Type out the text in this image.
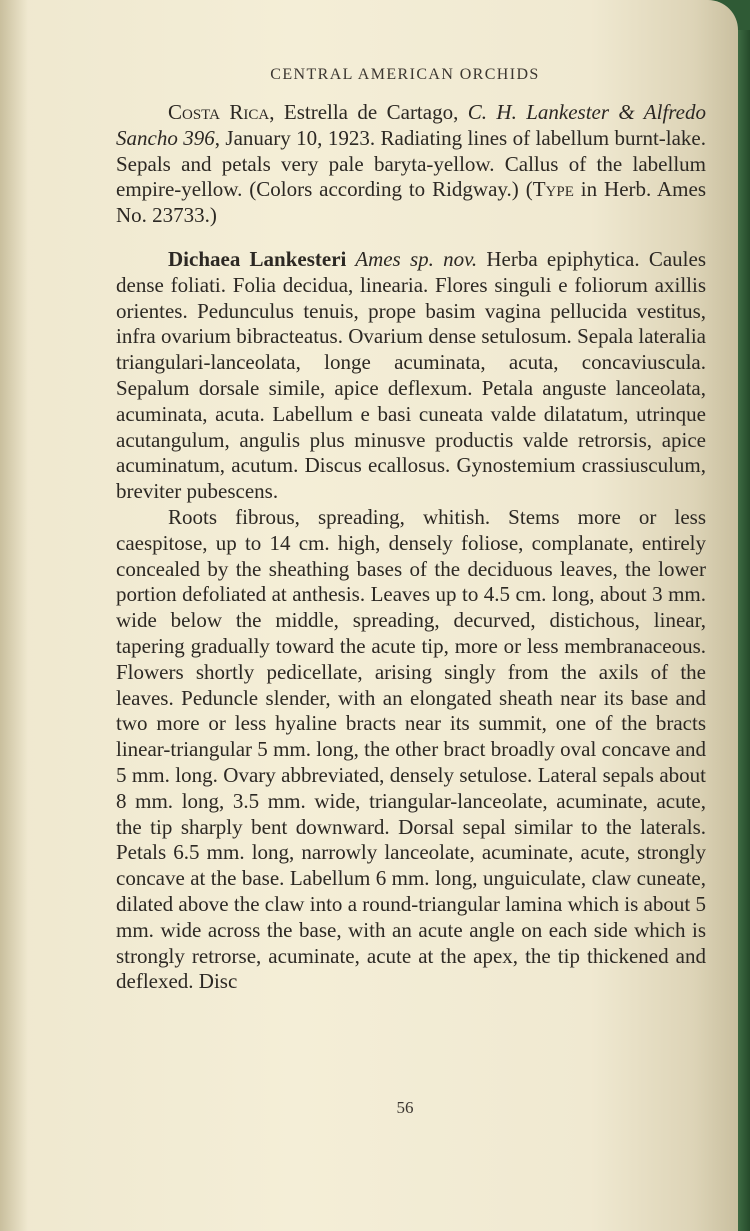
CENTRAL AMERICAN ORCHIDS

Costa Rica, Estrella de Cartago, C. H. Lankester & Alfredo Sancho 396, January 10, 1923. Radiating lines of labellum burnt-lake. Sepals and petals very pale baryta-yellow. Callus of the labellum empire-yellow. (Colors according to Ridgway.) (Type in Herb. Ames No. 23733.)

Dichaea Lankesteri Ames sp. nov. Herba epiphytica. Caules dense foliati. Folia decidua, linearia. Flores singuli e foliorum axillis orientes. Pedunculus tenuis, prope basim vagina pellucida vestitus, infra ovarium bibracteatus. Ovarium dense setulosum. Sepala lateralia triangulari-lanceolata, longe acuminata, acuta, concaviuscula. Sepalum dorsale simile, apice deflexum. Petala anguste lanceolata, acuminata, acuta. Labellum e basi cuneata valde dilatatum, utrinque acutangulum, angulis plus minusve productis valde retrorsis, apice acuminatum, acutum. Discus ecallosus. Gynostemium crassiusculum, breviter pubescens.

Roots fibrous, spreading, whitish. Stems more or less caespitose, up to 14 cm. high, densely foliose, complanate, entirely concealed by the sheathing bases of the deciduous leaves, the lower portion defoliated at anthesis. Leaves up to 4.5 cm. long, about 3 mm. wide below the middle, spreading, decurved, distichous, linear, tapering gradually toward the acute tip, more or less membranaceous. Flowers shortly pedicellate, arising singly from the axils of the leaves. Peduncle slender, with an elongated sheath near its base and two more or less hyaline bracts near its summit, one of the bracts linear-triangular 5 mm. long, the other bract broadly oval concave and 5 mm. long. Ovary abbreviated, densely setulose. Lateral sepals about 8 mm. long, 3.5 mm. wide, triangular-lanceolate, acuminate, acute, the tip sharply bent downward. Dorsal sepal similar to the laterals. Petals 6.5 mm. long, narrowly lanceolate, acuminate, acute, strongly concave at the base. Labellum 6 mm. long, unguiculate, claw cuneate, dilated above the claw into a round-triangular lamina which is about 5 mm. wide across the base, with an acute angle on each side which is strongly retrorse, acuminate, acute at the apex, the tip thickened and deflexed. Disc

56
